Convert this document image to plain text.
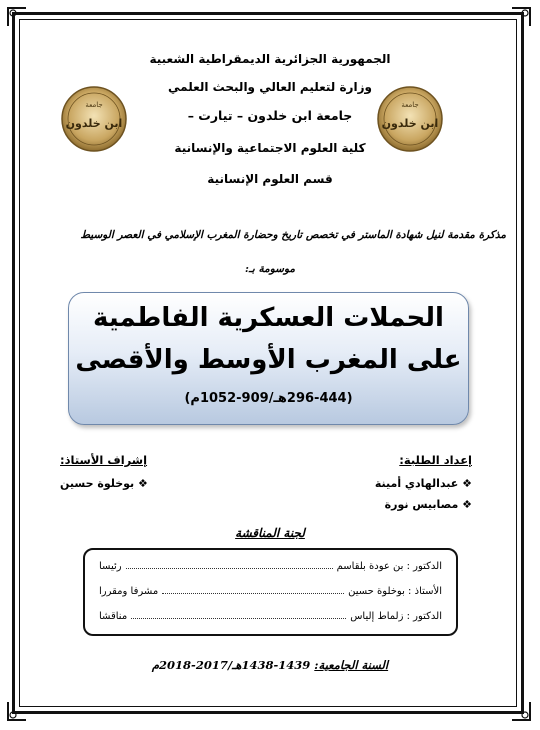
الجمهورية الجزائرية الديمقراطية الشعبية
وزارة لتعليم العالي والبحث العلمي
جامعة ابن خلدون – تيارت –
كلية العلوم الاجتماعية والإنسانية
قسم العلوم الإنسانية
جامعة
ابن خلدون
جامعة
ابن خلدون
مذكرة مقدمة لنيل شهادة الماستر في تخصص تاريخ وحضارة المغرب الإسلامي في العصر الوسيط
موسومة بـ:
الحملات العسكرية الفاطمية
على المغرب الأوسط والأقصى
(296-444هـ/909-1052م)
إعداد الطلبة:
❖ عبدالهادي أمينة
❖ مصابيس نورة
إشراف الأستاذ:
❖ بوخلوة حسين
لجنة المناقشة
الدكتور : بن عودة بلقاسم
رئيسا
الأستاذ : بوخلوة حسين
مشرفا ومقررا
الدكتور : زلماط إلياس
مناقشا
السنة الجامعية: 1439-1438هـ/2017-2018م
